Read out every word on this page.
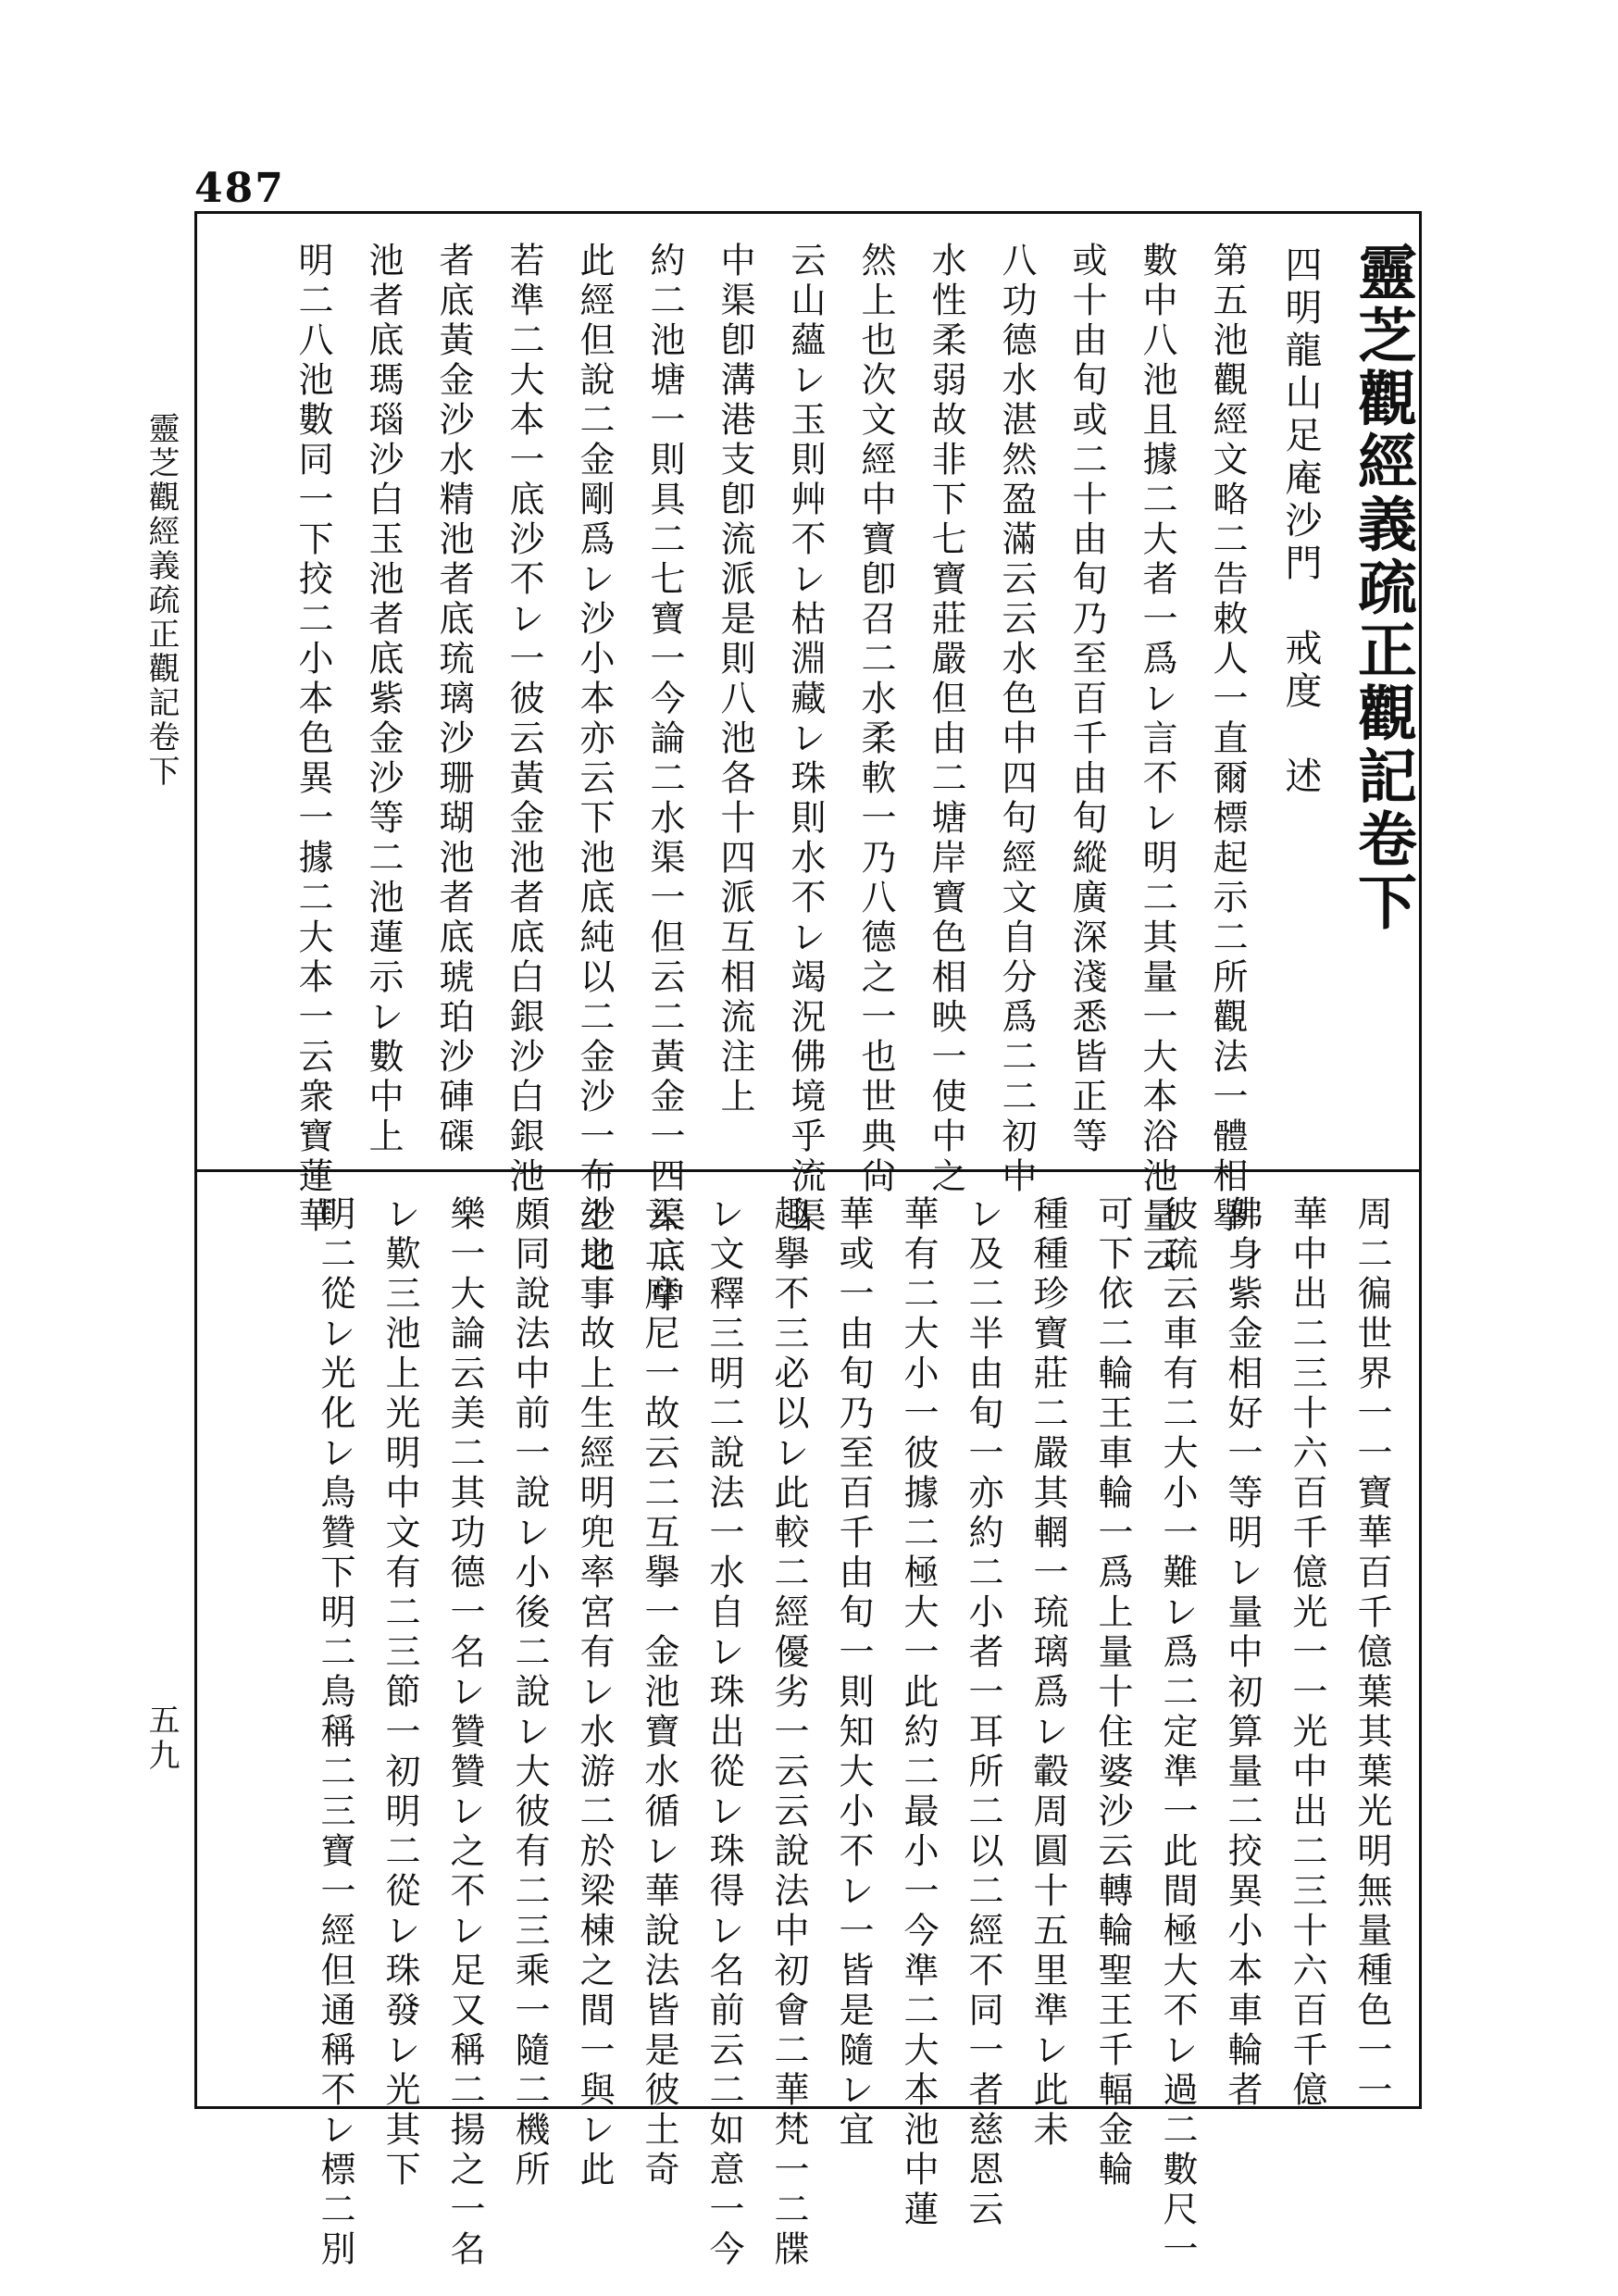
487
靈芝觀經義疏正觀記卷下
五九
靈芝觀經義疏正觀記卷下
四明龍山足庵沙門　戒度　述
數中八池且據二大者一爲レ言不レ明二其量一大本浴池量云 第五池觀經文略二告敕人一直爾標起示二所觀法一體相擧
或十由旬或二十由旬乃至百千由旬縱廣深淺悉皆正等
八功德水湛然盈滿云云水色中四句經文自分爲二二初中
水性柔弱故非下七寶莊嚴但由二塘岸寶色相映一使中之
然上也次文經中寶卽召二水柔軟一乃八德之一也世典尙
云山蘊レ玉則艸不レ枯淵藏レ珠則水不レ竭況佛境乎流渠
中渠卽溝港支卽流派是則八池各十四派互相流注上
約二池塘一則具二七寶一今論二水渠一但云二黃金一四渠底中
此經但說二金剛爲レ沙小本亦云下池底純以二金沙一布上地
若準二大本一底沙不レ一彼云黃金池者底白銀沙白銀池
者底黃金沙水精池者底琉璃沙珊瑚池者底琥珀沙硨磲
池者底瑪瑙沙白玉池者底紫金沙等二池蓮示レ數中上
明二八池數同一下挍二小本色異一據二大本一云衆寶蓮華
周二徧世界一一寶華百千億葉其葉光明無量種色一一
華中出二三十六百千億光一一光中出二三十六百千億
佛身紫金相好一等明レ量中初算量二挍異小本車輪者
彼疏云車有二大小一難レ爲二定準一此間極大不レ過二數尺一
可下依二輪王車輪一爲上量十住婆沙云轉輪聖王千輻金輪
種種珍寶莊二嚴其輞一琉璃爲レ轂周圓十五里準レ此未
レ及二半由旬一亦約二小者一耳所二以二經不同一者慈恩云
華有二大小一彼據二極大一此約二最小一今準二大本池中蓮
華或一由旬乃至百千由旬一則知大小不レ一皆是隨レ宜
趣擧不三必以レ此較二經優劣一云云說法中初會二華梵一二牒
レ文釋三明二說法一水自レ珠出從レ珠得レ名前云二如意一今
云二摩尼一故云二互擧一金池寶水循レ華說法皆是彼土奇
玅之事故上生經明兜率宮有レ水游二於梁棟之間一與レ此
頗同說法中前一說レ小後二說レ大彼有二三乘一隨二機所
樂一大論云美二其功德一名レ贊贊レ之不レ足又稱二揚之一名
レ歎三池上光明中文有二三節一初明二從レ珠發レ光其下
明二從レ光化レ鳥贊下明二鳥稱二三寶一經但通稱不レ標二別
